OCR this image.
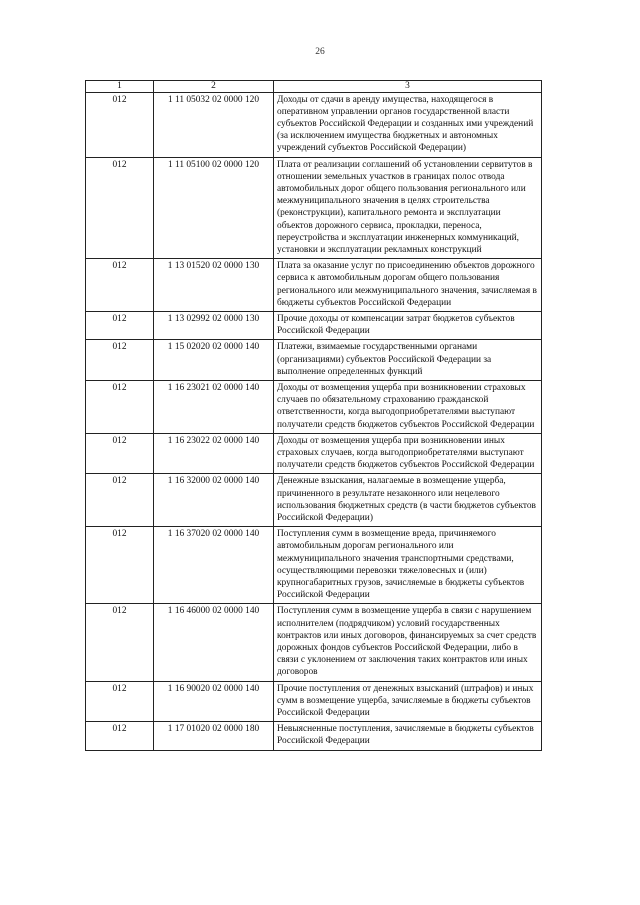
26
1	2	3
012	1 11 05032 02 0000 120	Доходы от сдачи в аренду имущества, находящегося в оперативном управлении органов государственной власти субъектов Российской Федерации и созданных ими учреждений (за исключением имущества бюджетных и автономных учреждений субъектов Российской Федерации)
012	1 11 05100 02 0000 120	Плата от реализации соглашений об установлении сервитутов в отношении земельных участков в границах полос отвода автомобильных дорог общего пользования регионального или межмуниципального значения в целях строительства (реконструкции), капитального ремонта и эксплуатации объектов дорожного сервиса, прокладки, переноса, переустройства и эксплуатации инженерных коммуникаций, установки и эксплуатации рекламных конструкций
012	1 13 01520 02 0000 130	Плата за оказание услуг по присоединению объектов дорожного сервиса к автомобильным дорогам общего пользования регионального или межмуниципального значения, зачисляемая в бюджеты субъектов Российской Федерации
012	1 13 02992 02 0000 130	Прочие доходы от компенсации затрат бюджетов субъектов Российской Федерации
012	1 15 02020 02 0000 140	Платежи, взимаемые государственными органами (организациями) субъектов Российской Федерации за выполнение определенных функций
012	1 16 23021 02 0000 140	Доходы от возмещения ущерба при возникновении страховых случаев по обязательному страхованию гражданской ответственности, когда выгодоприобретателями выступают получатели средств бюджетов субъектов Российской Федерации
012	1 16 23022 02 0000 140	Доходы от возмещения ущерба при возникновении иных страховых случаев, когда выгодоприобретателями выступают получатели средств бюджетов субъектов Российской Федерации
012	1 16 32000 02 0000 140	Денежные взыскания, налагаемые в возмещение ущерба, причиненного в результате незаконного или нецелевого использования бюджетных средств (в части бюджетов субъектов Российской Федерации)
012	1 16 37020 02 0000 140	Поступления сумм в возмещение вреда, причиняемого автомобильным дорогам регионального или межмуниципального значения транспортными средствами, осуществляющими перевозки тяжеловесных и (или) крупногабаритных грузов, зачисляемые в бюджеты субъектов Российской Федерации
012	1 16 46000 02 0000 140	Поступления сумм в возмещение ущерба в связи с нарушением исполнителем (подрядчиком) условий государственных контрактов или иных договоров, финансируемых за счет средств дорожных фондов субъектов Российской Федерации, либо в связи с уклонением от заключения таких контрактов или иных договоров
012	1 16 90020 02 0000 140	Прочие поступления от денежных взысканий (штрафов) и иных сумм в возмещение ущерба, зачисляемые в бюджеты субъектов Российской Федерации
012	1 17 01020 02 0000 180	Невыясненные поступления, зачисляемые в бюджеты субъектов Российской Федерации
